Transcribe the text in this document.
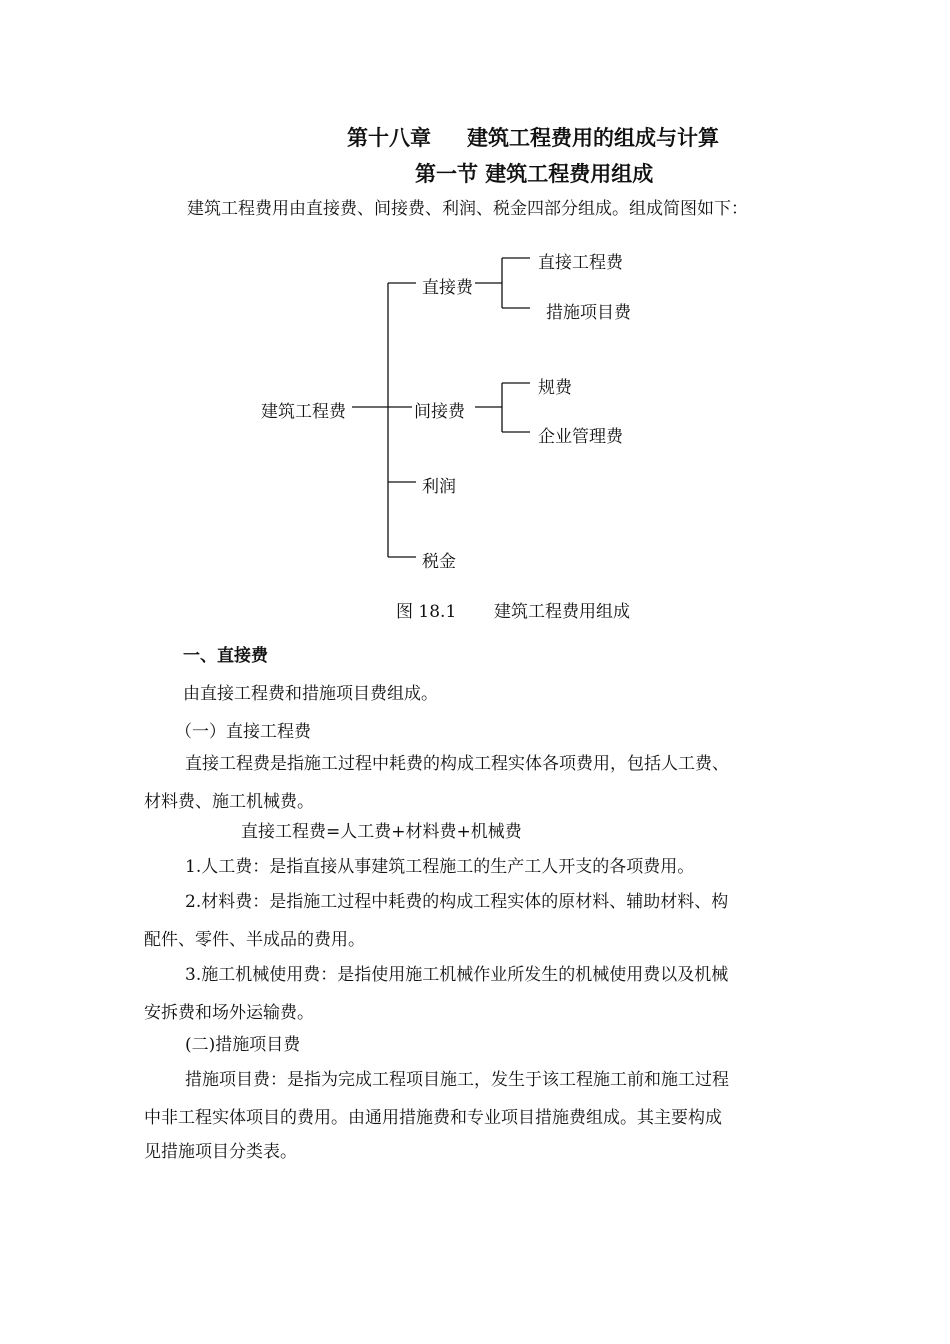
第十八章 建筑工程费用的组成与计算
第一节 建筑工程费用组成
建筑工程费用由直接费、间接费、利润、税金四部分组成。组成简图如下：
建筑工程费
直接费
间接费
利润
税金
直接工程费
措施项目费
规费
企业管理费
图 18.1 建筑工程费用组成
一、直接费
由直接工程费和措施项目费组成。
（一）直接工程费
直接工程费是指施工过程中耗费的构成工程实体各项费用，包括人工费、
材料费、施工机械费。
直接工程费=人工费+材料费+机械费
1.人工费：是指直接从事建筑工程施工的生产工人开支的各项费用。
2.材料费：是指施工过程中耗费的构成工程实体的原材料、辅助材料、构
配件、零件、半成品的费用。
3.施工机械使用费：是指使用施工机械作业所发生的机械使用费以及机械
安拆费和场外运输费。
(二)措施项目费
措施项目费：是指为完成工程项目施工，发生于该工程施工前和施工过程
中非工程实体项目的费用。由通用措施费和专业项目措施费组成。其主要构成
见措施项目分类表。
